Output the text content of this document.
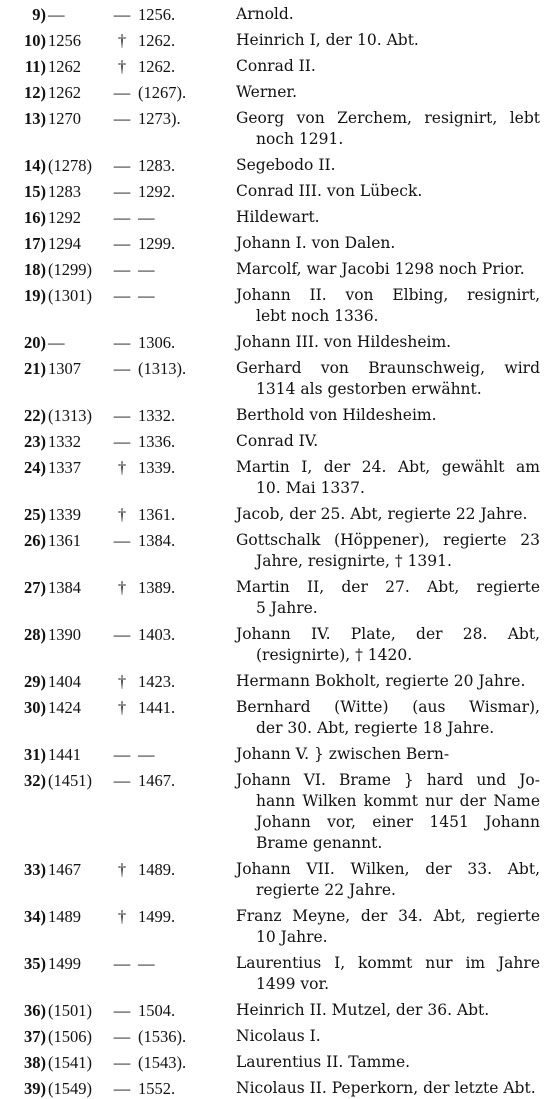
9) —	— 1256.	Arnold.
10) 1256	† 1262.	Heinrich I, der 10. Abt.
11) 1262	† 1262.	Conrad II.
12) 1262	— (1267).	Werner.
13) 1270	— 1273).	Georg von Zerchem, resignirt, lebt
noch 1291.
14) (1278)	— 1283.	Segebodo II.
15) 1283	— 1292.	Conrad III. von Lübeck.
16) 1292	— —	Hildewart.
17) 1294	— 1299.	Johann I. von Dalen.
18) (1299)	— —	Marcolf, war Jacobi 1298 noch Prior.
19) (1301)	— —	Johann II. von Elbing, resignirt,
lebt noch 1336.
20) —	— 1306.	Johann III. von Hildesheim.
21) 1307	— (1313).	Gerhard von Braunschweig, wird
1314 als gestorben erwähnt.
22) (1313)	— 1332.	Berthold von Hildesheim.
23) 1332	— 1336.	Conrad IV.
24) 1337	† 1339.	Martin I, der 24. Abt, gewählt am
10. Mai 1337.
25) 1339	† 1361.	Jacob, der 25. Abt, regierte 22 Jahre.
26) 1361	— 1384.	Gottschalk (Höppener), regierte 23
Jahre, resignirte, † 1391.
27) 1384	† 1389.	Martin II, der 27. Abt, regierte
5 Jahre.
28) 1390	— 1403.	Johann IV. Plate, der 28. Abt,
(resignirte), † 1420.
29) 1404	† 1423.	Hermann Bokholt, regierte 20 Jahre.
30) 1424	† 1441.	Bernhard (Witte) (aus Wismar),
der 30. Abt, regierte 18 Jahre.
31) 1441	— —	Johann V. } zwischen Bern-
32) (1451)	— 1467.	Johann VI. Brame } hard und Jo-
hann Wilken kommt nur der Name
Johann vor, einer 1451 Johann
Brame genannt.
33) 1467	† 1489.	Johann VII. Wilken, der 33. Abt,
regierte 22 Jahre.
34) 1489	† 1499.	Franz Meyne, der 34. Abt, regierte
10 Jahre.
35) 1499	— —	Laurentius I, kommt nur im Jahre
1499 vor.
36) (1501)	— 1504.	Heinrich II. Mutzel, der 36. Abt.
37) (1506)	— (1536).	Nicolaus I.
38) (1541)	— (1543).	Laurentius II. Tamme.
39) (1549)	— 1552.	Nicolaus II. Peperkorn, der letzte Abt.
